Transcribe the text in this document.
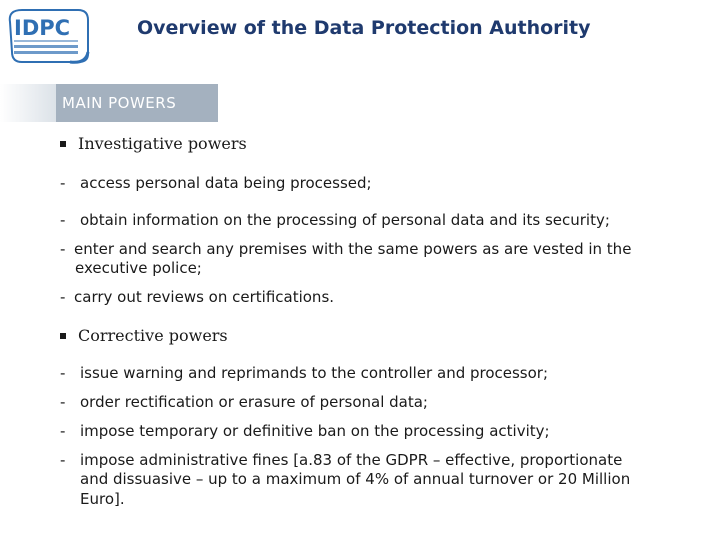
IDPC	Overview of the Data Protection Authority
MAIN POWERS
Investigative powers
- access personal data being processed;
- obtain information on the processing of personal data and its security;
- enter and search any premises with the same powers as are vested in the
executive police;
- carry out reviews on certifications.
Corrective powers
- issue warning and reprimands to the controller and processor;
- order rectification or erasure of personal data;
- impose temporary or definitive ban on the processing activity;
- impose administrative fines [a.83 of the GDPR – effective, proportionate
and dissuasive – up to a maximum of 4% of annual turnover or 20 Million
Euro].
